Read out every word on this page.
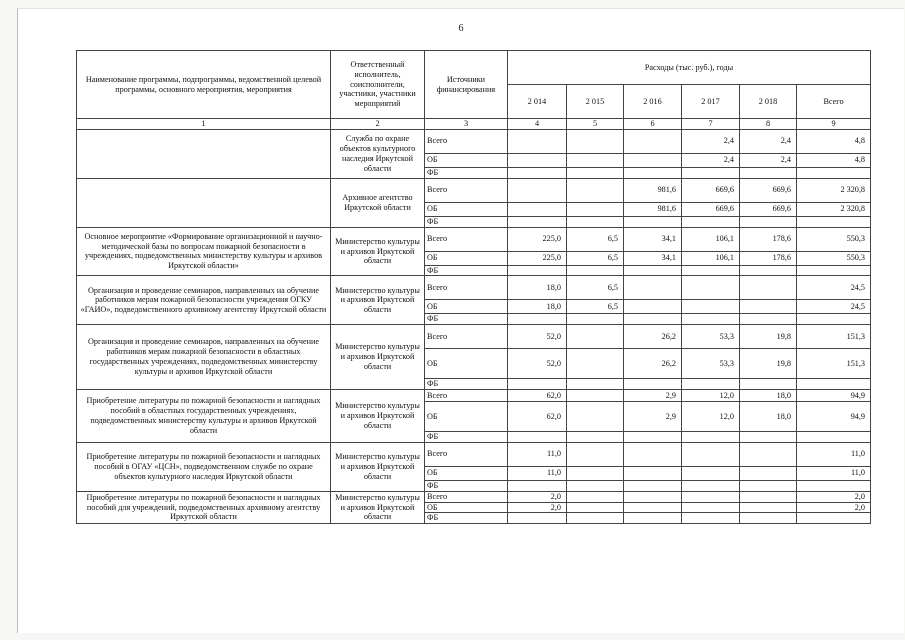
6
Наименование программы, подпрограммы, ведомственной целевой программы, основного мероприятия, мероприятия	Ответственный исполнитель, соисполнители, участники, участники мероприятий	Источники финансирования	Расходы (тыс. руб.), годы					
			2 014	2 015	2 016	2 017	2 018	Всего
1	2	3	4	5	6	7	8	9
	Служба по охране объектов культурного наследия Иркутской области	Всего				2,4	2,4	4,8
		ОБ				2,4	2,4	4,8
		ФБ						
	Архивное агентство Иркутской области	Всего			981,6	669,6	669,6	2 320,8
		ОБ			981,6	669,6	669,6	2 320,8
		ФБ						
Основное мероприятие «Формирование организационной и научно-методической базы по вопросам пожарной безопасности в учреждениях, подведомственных министерству культуры и архивов Иркутской области»	Министерство культуры и архивов Иркутской области	Всего	225,0	6,5	34,1	106,1	178,6	550,3
		ОБ	225,0	6,5	34,1	106,1	178,6	550,3
		ФБ						
Организация и проведение семинаров, направленных на обучение работников мерам пожарной безопасности учреждения ОГКУ «ГАИО», подведомственного архивному агентству Иркутской области	Министерство культуры и архивов Иркутской области	Всего	18,0	6,5				24,5
		ОБ	18,0	6,5				24,5
		ФБ						
Организация и проведение семинаров, направленных на обучение работников мерам пожарной безопасности в областных государственных учреждениях, подведомственных министерству культуры и архивов Иркутской области	Министерство культуры и архивов Иркутской области	Всего	52,0		26,2	53,3	19,8	151,3
		ОБ	52,0		26,2	53,3	19,8	151,3
		ФБ						
Приобретение литературы по пожарной безопасности и наглядных пособий в областных государственных учреждениях, подведомственных министерству культуры и архивов Иркутской области	Министерство культуры и архивов Иркутской области	Всего	62,0		2,9	12,0	18,0	94,9
		ОБ	62,0		2,9	12,0	18,0	94,9
		ФБ						
Приобретение литературы по пожарной безопасности и наглядных пособий в ОГАУ «ЦСН», подведомственном службе по охране объектов культурного наследия Иркутской области	Министерство культуры и архивов Иркутской области	Всего	11,0					11,0
		ОБ	11,0					11,0
		ФБ						
Приобретение литературы по пожарной безопасности и наглядных пособий для учреждений, подведомственных архивному агентству Иркутской области	Министерство культуры и архивов Иркутской области	Всего	2,0					2,0
		ОБ	2,0					2,0
		ФБ						
